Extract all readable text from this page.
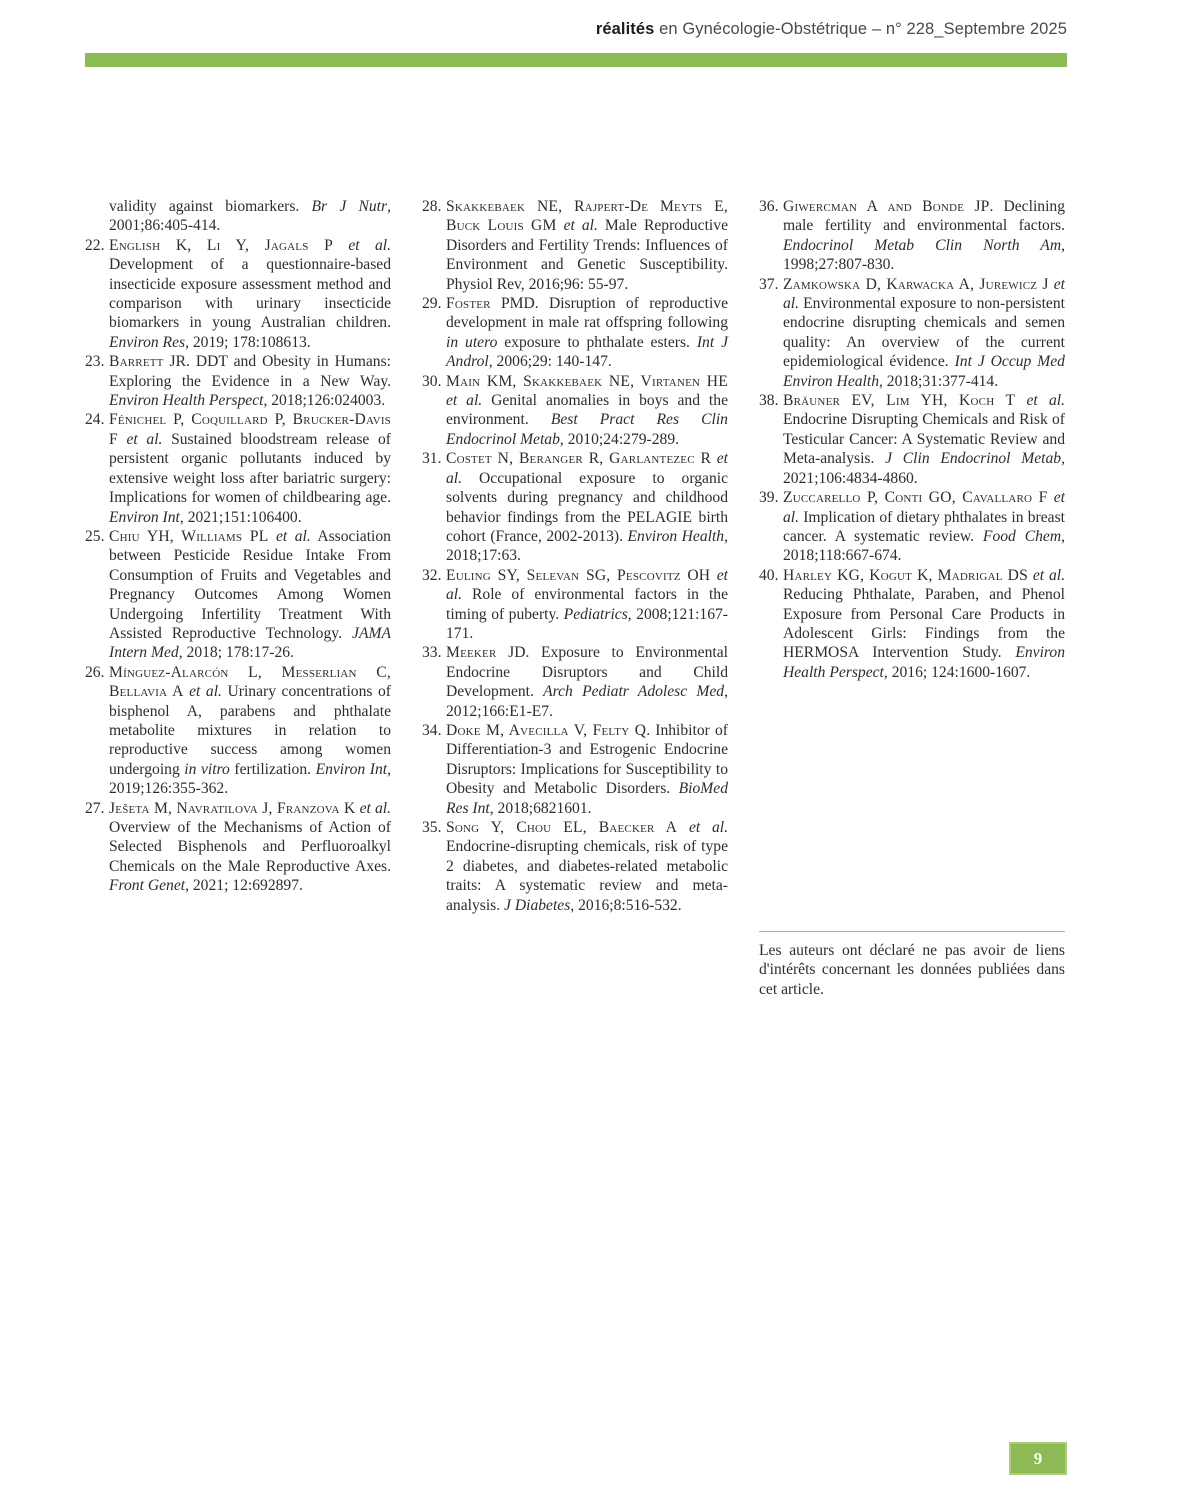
réalités en Gynécologie-Obstétrique – n° 228_Septembre 2025
validity against biomarkers. Br J Nutr, 2001;86:405-414.
22. English K, Li Y, Jagals P et al. Development of a questionnaire-based insecticide exposure assessment method and comparison with urinary insecticide biomarkers in young Australian children. Environ Res, 2019; 178:108613.
23. Barrett JR. DDT and Obesity in Humans: Exploring the Evidence in a New Way. Environ Health Perspect, 2018;126:024003.
24. Fénichel P, Coquillard P, Brucker-Davis F et al. Sustained bloodstream release of persistent organic pollutants induced by extensive weight loss after bariatric surgery: Implications for women of childbearing age. Environ Int, 2021;151:106400.
25. Chiu YH, Williams PL et al. Association between Pesticide Residue Intake From Consumption of Fruits and Vegetables and Pregnancy Outcomes Among Women Undergoing Infertility Treatment With Assisted Reproductive Technology. JAMA Intern Med, 2018; 178:17-26.
26. Mínguez-Alarcón L, Messerlian C, Bellavia A et al. Urinary concentrations of bisphenol A, parabens and phthalate metabolite mixtures in relation to reproductive success among women undergoing in vitro fertilization. Environ Int, 2019;126:355-362.
27. Ješeta M, Navratilova J, Franzova K et al. Overview of the Mechanisms of Action of Selected Bisphenols and Perfluoroalkyl Chemicals on the Male Reproductive Axes. Front Genet, 2021; 12:692897.
28. Skakkebaek NE, Rajpert-De Meyts E, Buck Louis GM et al. Male Reproductive Disorders and Fertility Trends: Influences of Environment and Genetic Susceptibility. Physiol Rev, 2016;96: 55-97.
29. Foster PMD. Disruption of reproductive development in male rat offspring following in utero exposure to phthalate esters. Int J Androl, 2006;29: 140-147.
30. Main KM, Skakkebaek NE, Virtanen HE et al. Genital anomalies in boys and the environment. Best Pract Res Clin Endocrinol Metab, 2010;24:279-289.
31. Costet N, Beranger R, Garlantezec R et al. Occupational exposure to organic solvents during pregnancy and childhood behavior findings from the PELAGIE birth cohort (France, 2002-2013). Environ Health, 2018;17:63.
32. Euling SY, Selevan SG, Pescovitz OH et al. Role of environmental factors in the timing of puberty. Pediatrics, 2008;121:167-171.
33. Meeker JD. Exposure to Environmental Endocrine Disruptors and Child Development. Arch Pediatr Adolesc Med, 2012;166:E1-E7.
34. Doke M, Avecilla V, Felty Q. Inhibitor of Differentiation-3 and Estrogenic Endocrine Disruptors: Implications for Susceptibility to Obesity and Metabolic Disorders. BioMed Res Int, 2018;6821601.
35. Song Y, Chou EL, Baecker A et al. Endocrine-disrupting chemicals, risk of type 2 diabetes, and diabetes-related metabolic traits: A systematic review and meta-analysis. J Diabetes, 2016;8:516-532.
36. Giwercman A and Bonde JP. Declining male fertility and environmental factors. Endocrinol Metab Clin North Am, 1998;27:807-830.
37. Zamkowska D, Karwacka A, Jurewicz J et al. Environmental exposure to non-persistent endocrine disrupting chemicals and semen quality: An overview of the current epidemiological évidence. Int J Occup Med Environ Health, 2018;31:377-414.
38. Bräuner EV, Lim YH, Koch T et al. Endocrine Disrupting Chemicals and Risk of Testicular Cancer: A Systematic Review and Meta-analysis. J Clin Endocrinol Metab, 2021;106:4834-4860.
39. Zuccarello P, Conti GO, Cavallaro F et al. Implication of dietary phthalates in breast cancer. A systematic review. Food Chem, 2018;118:667-674.
40. Harley KG, Kogut K, Madrigal DS et al. Reducing Phthalate, Paraben, and Phenol Exposure from Personal Care Products in Adolescent Girls: Findings from the HERMOSA Intervention Study. Environ Health Perspect, 2016; 124:1600-1607.
Les auteurs ont déclaré ne pas avoir de liens d'intérêts concernant les données publiées dans cet article.
9
